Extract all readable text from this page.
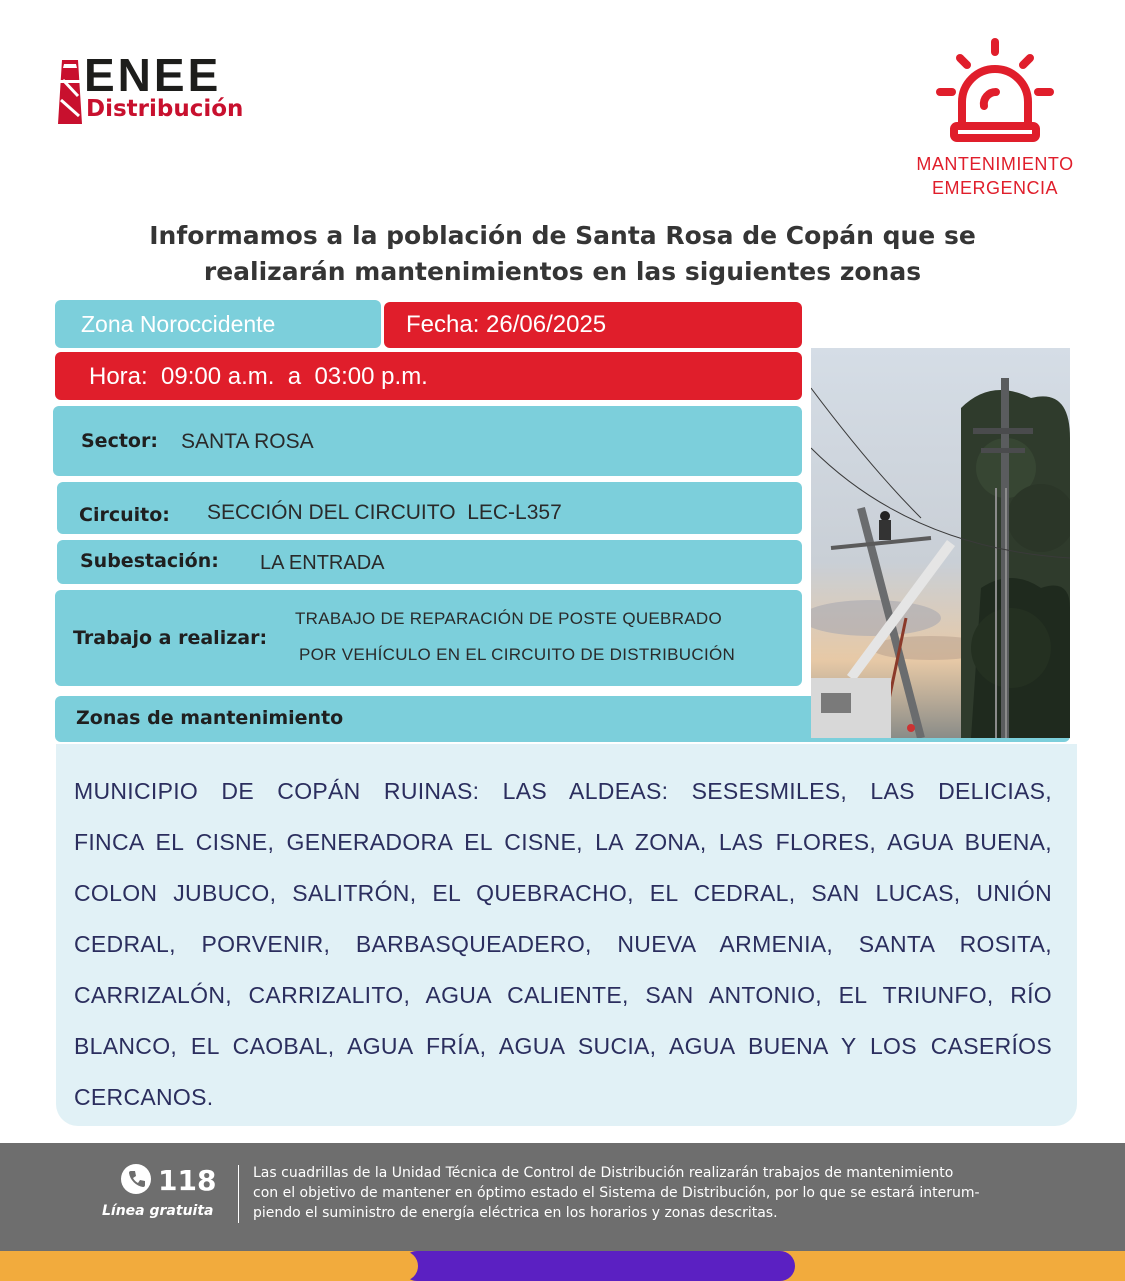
ENEE
Distribución
MANTENIMIENTO
EMERGENCIA
Informamos a la población de Santa Rosa de Copán que se
realizarán mantenimientos en las siguientes zonas
Zona Noroccidente	Fecha: 26/06/2025
Hora:  09:00 a.m.  a  03:00 p.m.
Sector: SANTA ROSA
Circuito: SECCIÓN DEL CIRCUITO  LEC-L357
Subestación: LA ENTRADA
Trabajo a realizar:
TRABAJO DE REPARACIÓN DE POSTE QUEBRADO
POR VEHÍCULO EN EL CIRCUITO DE DISTRIBUCIÓN
Zonas de mantenimiento
MUNICIPIO DE COPÁN RUINAS: LAS ALDEAS: SESESMILES, LAS DELICIAS,
FINCA EL CISNE, GENERADORA EL CISNE, LA ZONA, LAS FLORES, AGUA BUENA,
COLON JUBUCO, SALITRÓN, EL QUEBRACHO, EL CEDRAL, SAN LUCAS, UNIÓN
CEDRAL, PORVENIR, BARBASQUEADERO, NUEVA ARMENIA, SANTA ROSITA,
CARRIZALÓN, CARRIZALITO, AGUA CALIENTE, SAN ANTONIO, EL TRIUNFO, RÍO
BLANCO, EL CAOBAL, AGUA FRÍA, AGUA SUCIA, AGUA BUENA Y LOS CASERÍOS
CERCANOS.
118
Línea gratuita
Las cuadrillas de la Unidad Técnica de Control de Distribución realizarán trabajos de mantenimiento
con el objetivo de mantener en óptimo estado el Sistema de Distribución, por lo que se estará interum-
piendo el suministro de energía eléctrica en los horarios y zonas descritas.
